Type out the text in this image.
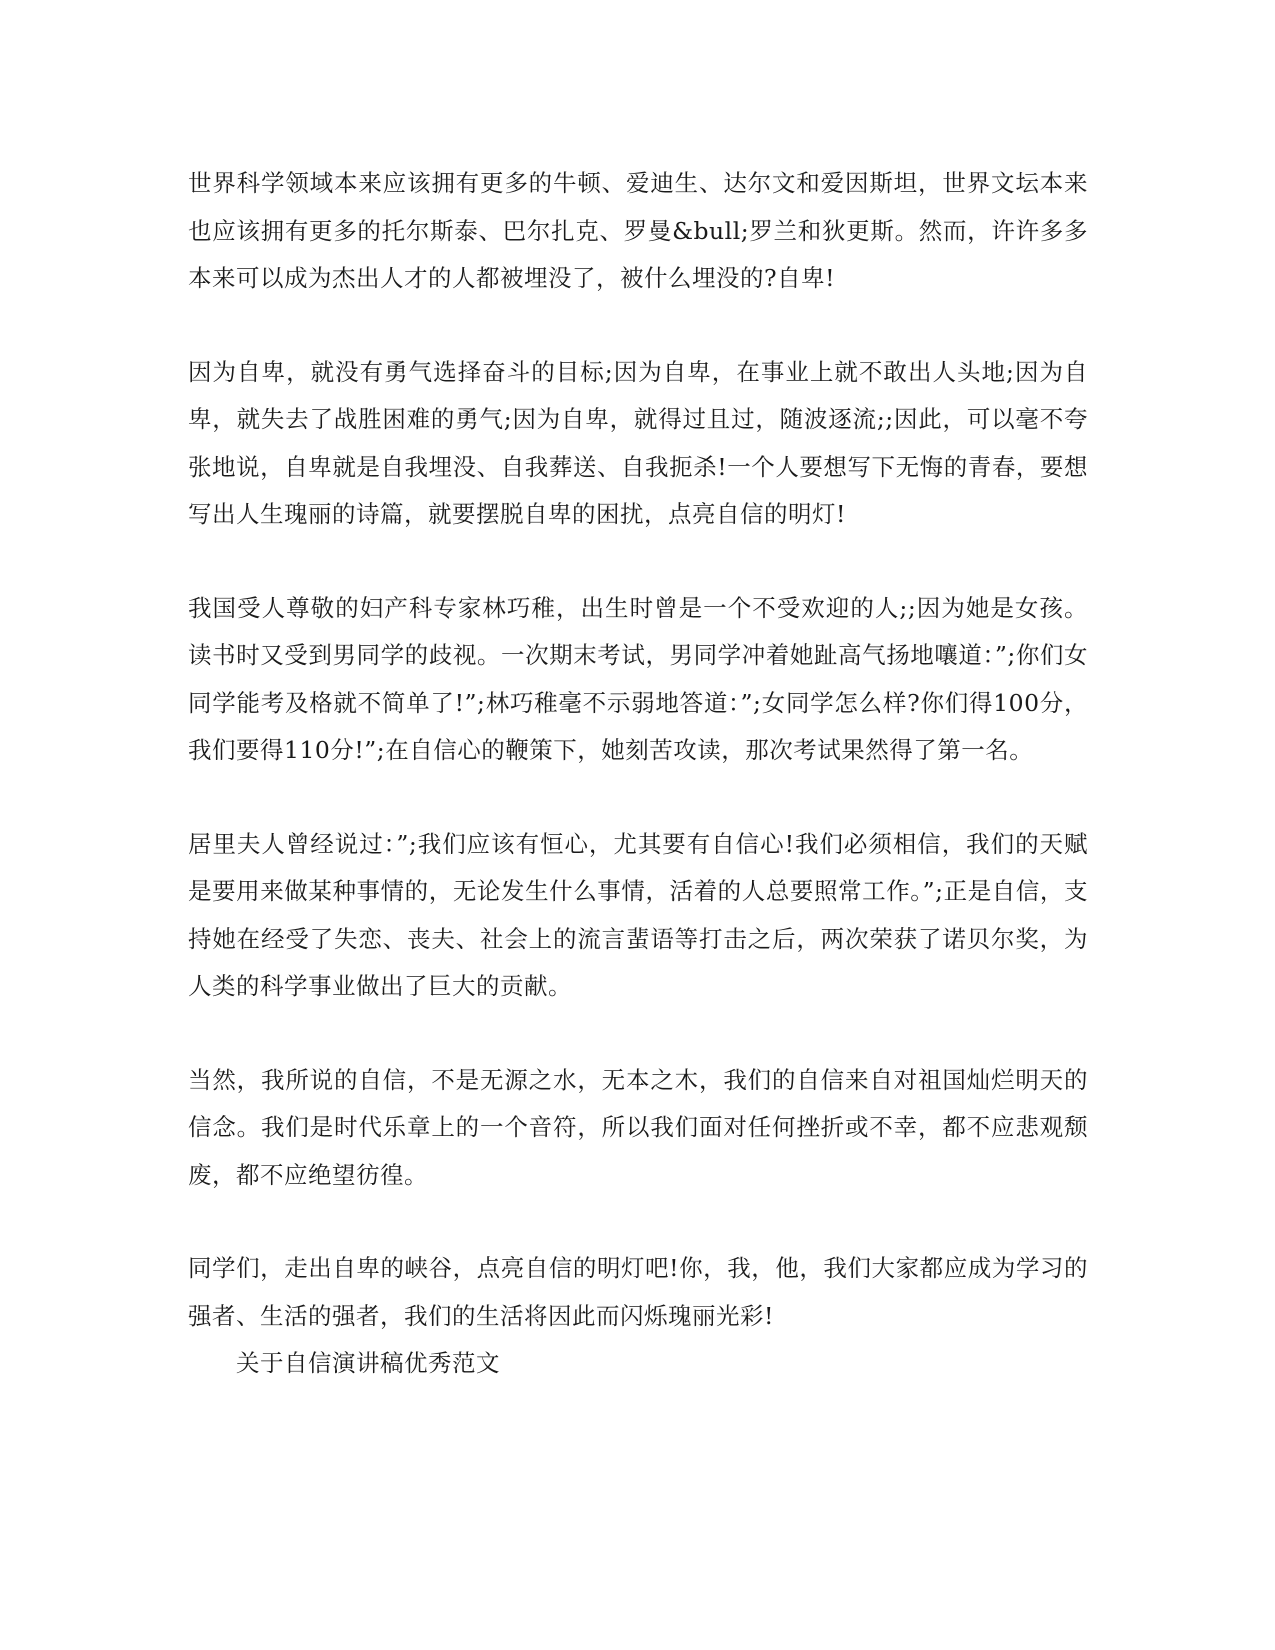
世界科学领域本来应该拥有更多的牛顿、爱迪生、达尔文和爱因斯坦，世界文坛本来也应该拥有更多的托尔斯泰、巴尔扎克、罗曼&bull;罗兰和狄更斯。然而，许许多多本来可以成为杰出人才的人都被埋没了，被什么埋没的?自卑!

因为自卑，就没有勇气选择奋斗的目标;因为自卑，在事业上就不敢出人头地;因为自卑，就失去了战胜困难的勇气;因为自卑，就得过且过，随波逐流;;因此，可以毫不夸张地说，自卑就是自我埋没、自我葬送、自我扼杀!一个人要想写下无悔的青春，要想写出人生瑰丽的诗篇，就要摆脱自卑的困扰，点亮自信的明灯!

我国受人尊敬的妇产科专家林巧稚，出生时曾是一个不受欢迎的人;;因为她是女孩。读书时又受到男同学的歧视。一次期末考试，男同学冲着她趾高气扬地嚷道：”;你们女同学能考及格就不简单了!”;林巧稚毫不示弱地答道：”;女同学怎么样?你们得100分，我们要得110分!”;在自信心的鞭策下，她刻苦攻读，那次考试果然得了第一名。

居里夫人曾经说过：”;我们应该有恒心，尤其要有自信心!我们必须相信，我们的天赋是要用来做某种事情的，无论发生什么事情，活着的人总要照常工作。”;正是自信，支持她在经受了失恋、丧夫、社会上的流言蜚语等打击之后，两次荣获了诺贝尔奖，为人类的科学事业做出了巨大的贡献。

当然，我所说的自信，不是无源之水，无本之木，我们的自信来自对祖国灿烂明天的信念。我们是时代乐章上的一个音符，所以我们面对任何挫折或不幸，都不应悲观颓废，都不应绝望彷徨。

同学们，走出自卑的峡谷，点亮自信的明灯吧!你，我，他，我们大家都应成为学习的强者、生活的强者，我们的生活将因此而闪烁瑰丽光彩!

关于自信演讲稿优秀范文
